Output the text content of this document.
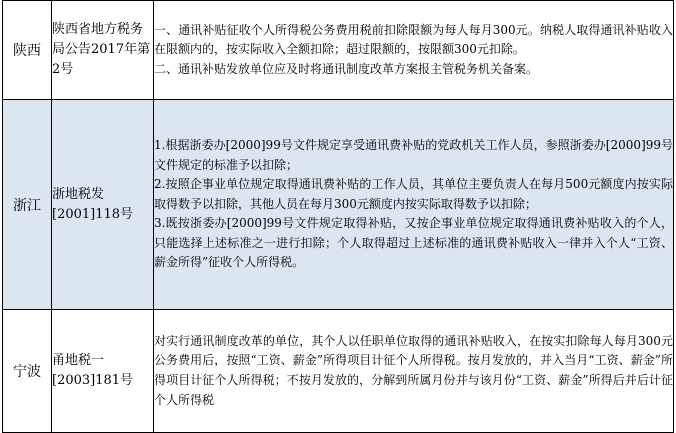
陕西	陕西省地方税务局公告2017年第2号	一、通讯补贴征收个人所得税公务费用税前扣除限额为每人每月300元。纳税人取得通讯补贴收入在限额内的，按实际收入全额扣除；超过限额的，按限额300元扣除。

二、通讯补贴发放单位应及时将通讯制度改革方案报主管税务机关备案。

浙江	浙地税发[2001]118号	1.根据浙委办[2000]99号文件规定享受通讯费补贴的党政机关工作人员，参照浙委办[2000]99号文件规定的标准予以扣除；

2.按照企事业单位规定取得通讯费补贴的工作人员，其单位主要负责人在每月500元额度内按实际取得数予以扣除，其他人员在每月300元额度内按实际取得数予以扣除；

3.既按浙委办[2000]99号文件规定取得补贴，又按企事业单位规定取得通讯费补贴收入的个人，只能选择上述标准之一进行扣除；个人取得超过上述标准的通讯费补贴收入一律并入个人“工资、薪金所得”征收个人所得税。

宁波	甬地税一[2003]181号	对实行通讯制度改革的单位，其个人以任职单位取得的通讯补贴收入，在按实扣除每人每月300元公务费用后，按照“工资、薪金”所得项目计征个人所得税。按月发放的，并入当月“工资、薪金”所得项目计征个人所得税；不按月发放的，分解到所属月份并与该月份“工资、薪金”所得后并后计征个人所得税
